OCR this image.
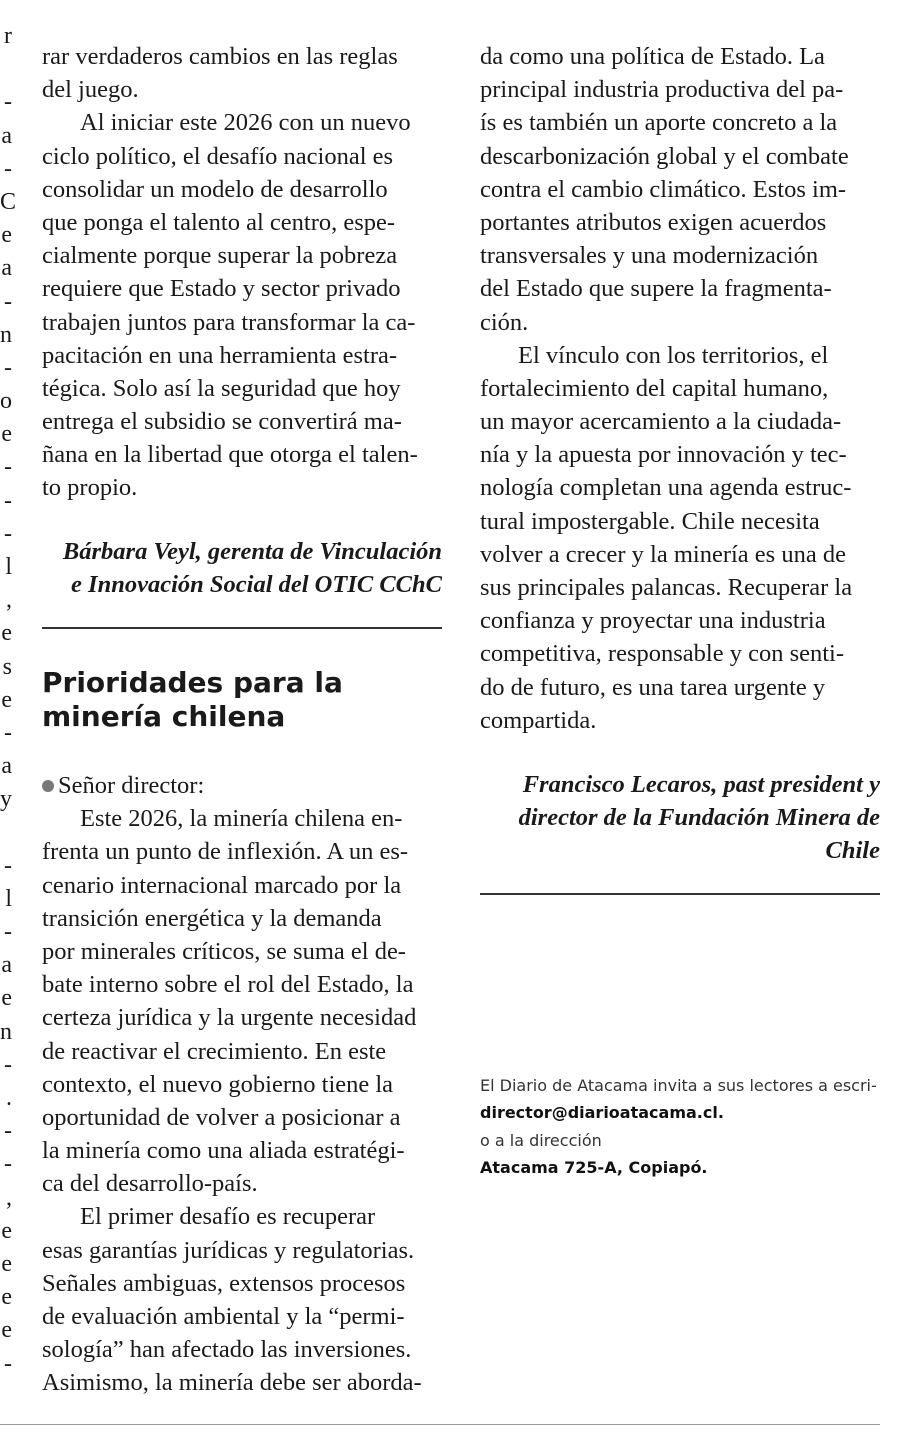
r
-
a
-
C
e
a
-
n
-
o
e
-
-
-
l
,
e
s
e
-
a
y
-
l
-
a
e
n
-
.
-
-
,
e
e
e
e
-
rar verdaderos cambios en las reglas
del juego.
Al iniciar este 2026 con un nuevo
ciclo político, el desafío nacional es
consolidar un modelo de desarrollo
que ponga el talento al centro, espe-
cialmente porque superar la pobreza
requiere que Estado y sector privado
trabajen juntos para transformar la ca-
pacitación en una herramienta estra-
tégica. Solo así la seguridad que hoy
entrega el subsidio se convertirá ma-
ñana en la libertad que otorga el talen-
to propio.
Bárbara Veyl, gerenta de Vinculación
e Innovación Social del OTIC CChC
Prioridades para la minería chilena
Señor director:
Este 2026, la minería chilena en-
frenta un punto de inflexión. A un es-
cenario internacional marcado por la
transición energética y la demanda
por minerales críticos, se suma el de-
bate interno sobre el rol del Estado, la
certeza jurídica y la urgente necesidad
de reactivar el crecimiento. En este
contexto, el nuevo gobierno tiene la
oportunidad de volver a posicionar a
la minería como una aliada estratégi-
ca del desarrollo-país.
El primer desafío es recuperar
esas garantías jurídicas y regulatorias.
Señales ambiguas, extensos procesos
de evaluación ambiental y la “permi-
sología” han afectado las inversiones.
Asimismo, la minería debe ser aborda-
da como una política de Estado. La
principal industria productiva del pa-
ís es también un aporte concreto a la
descarbonización global y el combate
contra el cambio climático. Estos im-
portantes atributos exigen acuerdos
transversales y una modernización
del Estado que supere la fragmenta-
ción.
El vínculo con los territorios, el
fortalecimiento del capital humano,
un mayor acercamiento a la ciudada-
nía y la apuesta por innovación y tec-
nología completan una agenda estruc-
tural impostergable. Chile necesita
volver a crecer y la minería es una de
sus principales palancas. Recuperar la
confianza y proyectar una industria
competitiva, responsable y con senti-
do de futuro, es una tarea urgente y
compartida.
Francisco Lecaros, past president y
director de la Fundación Minera de
Chile
El Diario de Atacama invita a sus lectores a escri-
director@diarioatacama.cl.
o a la dirección
Atacama 725-A, Copiapó.
